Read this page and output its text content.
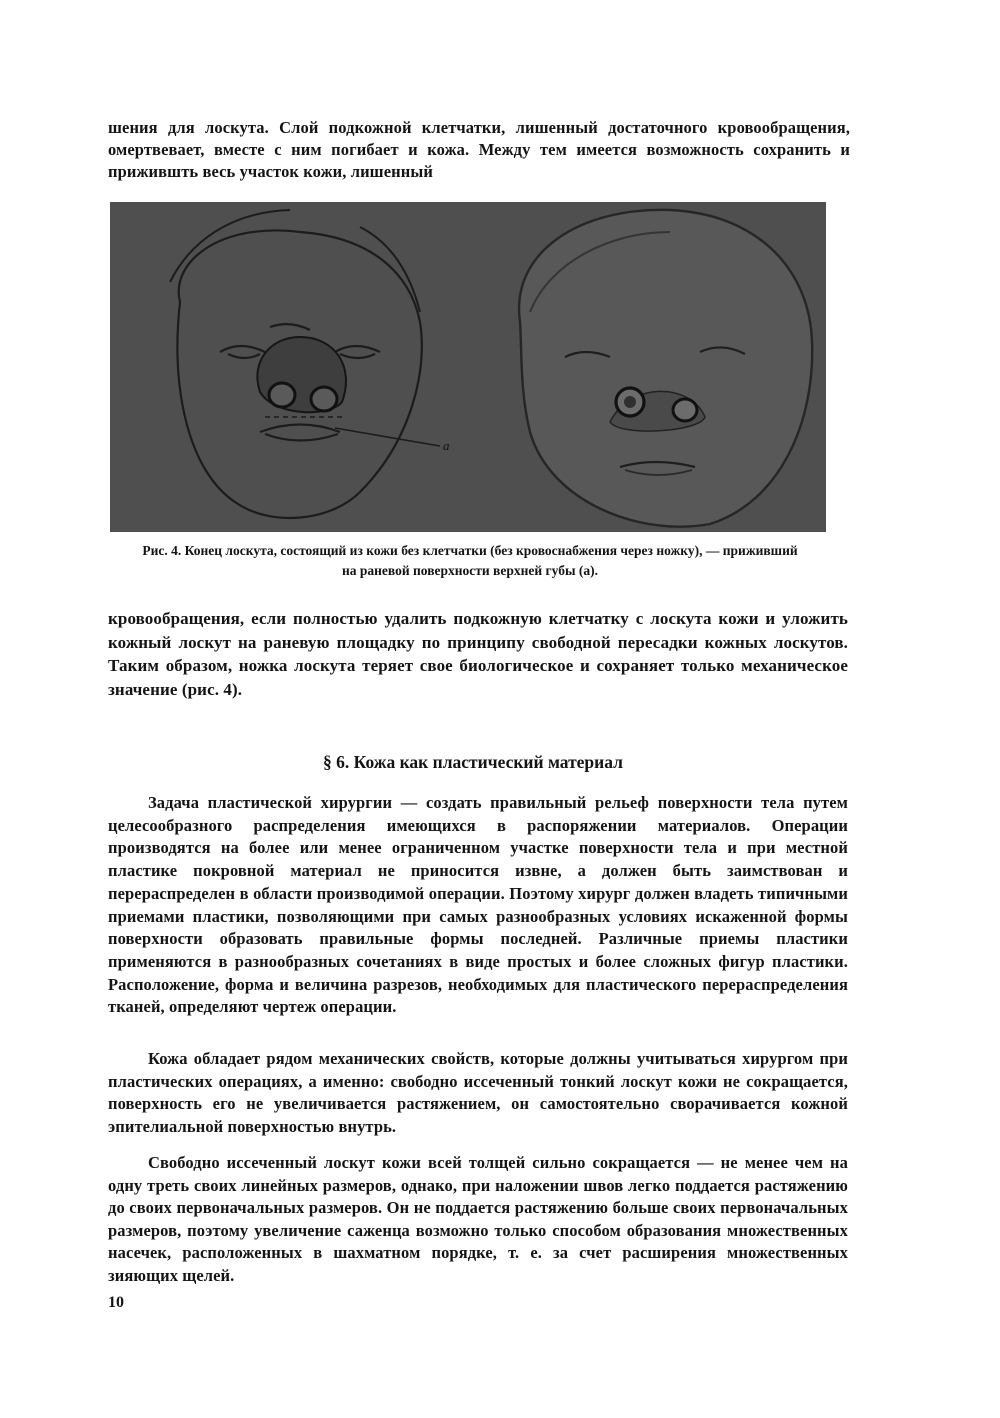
шения для лоскута. Слой подкожной клетчатки, лишенный достаточного кровообращения, омертвевает, вместе с ним погибает и кожа. Между тем имеется возможность сохранить и прижившть весь участок кожи, лишенный

а

Рис. 4. Конец лоскута, состоящий из кожи без клетчатки (без кровоснабжения через ножку), — приживший на раневой поверхности верхней губы (а).

кровообращения, если полностью удалить подкожную клетчатку с лоскута кожи и уложить кожный лоскут на раневую площадку по принципу свободной пересадки кожных лоскутов. Таким образом, ножка лоскута теряет свое биологическое и сохраняет только механическое значение (рис. 4).

§ 6. Кожа как пластический материал

Задача пластической хирургии — создать правильный рельеф поверхности тела путем целесообразного распределения имеющихся в распоряжении материалов. Операции производятся на более или менее ограниченном участке поверхности тела и при местной пластике покровной материал не приносится извне, а должен быть заимствован и перераспределен в области производимой операции. Поэтому хирург должен владеть типичными приемами пластики, позволяющими при самых разнообразных условиях искаженной формы поверхности образовать правильные формы последней. Различные приемы пластики применяются в разнообразных сочетаниях в виде простых и более сложных фигур пластики. Расположение, форма и величина разрезов, необходимых для пластического перераспределения тканей, определяют чертеж операции.

Кожа обладает рядом механических свойств, которые должны учитываться хирургом при пластических операциях, а именно: свободно иссеченный тонкий лоскут кожи не сокращается, поверхность его не увеличивается растяжением, он самостоятельно сворачивается кожной эпителиальной поверхностью внутрь.

Свободно иссеченный лоскут кожи всей толщей сильно сокращается — не менее чем на одну треть своих линейных размеров, однако, при наложении швов легко поддается растяжению до своих первоначальных размеров. Он не поддается растяжению больше своих первоначальных размеров, поэтому увеличение саженца возможно только способом образования множественных насечек, расположенных в шахматном порядке, т. е. за счет расширения множественных зияющих щелей.

10
